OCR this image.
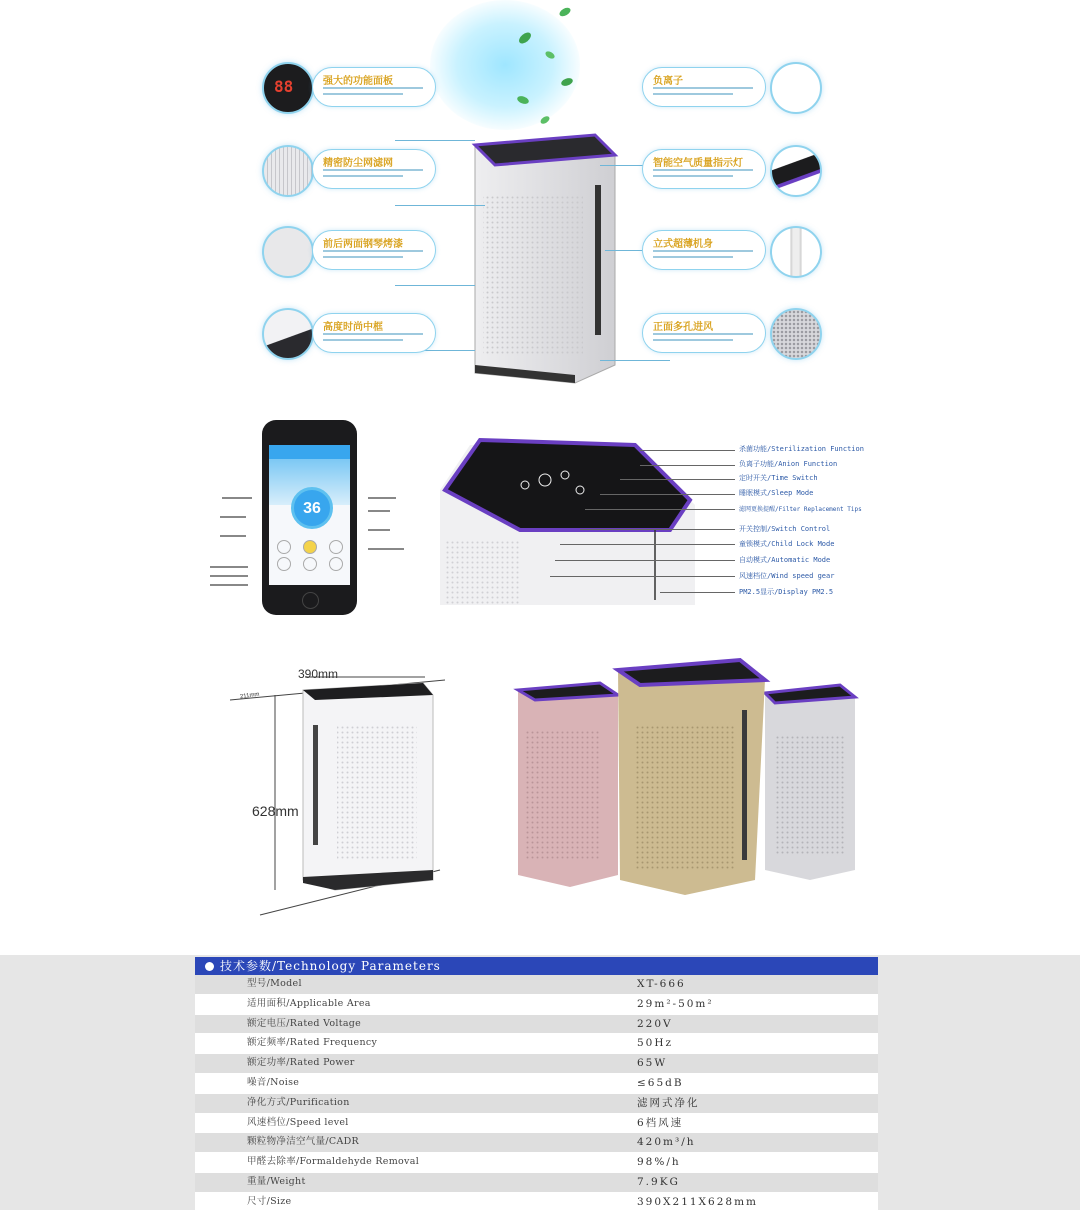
88	强大的功能面板
精密防尘网滤网
前后两面钢琴烤漆
高度时尚中框
负离子
智能空气质量指示灯
立式超薄机身
正面多孔进风
36
杀菌功能/Sterilization Function
负离子功能/Anion Function
定时开关/Time Switch
睡眠模式/Sleep Mode
滤网更换提醒/Filter Replacement Tips
开关控制/Switch Control
童锁模式/Child Lock Mode
自动模式/Automatic Mode
风速档位/Wind speed gear
PM2.5显示/Display PM2.5
390mm
211mm
628mm
技术参数/Technology Parameters
型号/Model	XT-666
适用面积/Applicable Area	29m²-50m²
额定电压/Rated Voltage	220V
额定频率/Rated Frequency	50Hz
额定功率/Rated Power	65W
噪音/Noise	≤65dB
净化方式/Purification	滤网式净化
风速档位/Speed level	6档风速
颗粒物净洁空气量/CADR	420m³/h
甲醛去除率/Formaldehyde Removal	98%/h
重量/Weight	7.9KG
尺寸/Size	390X211X628mm
